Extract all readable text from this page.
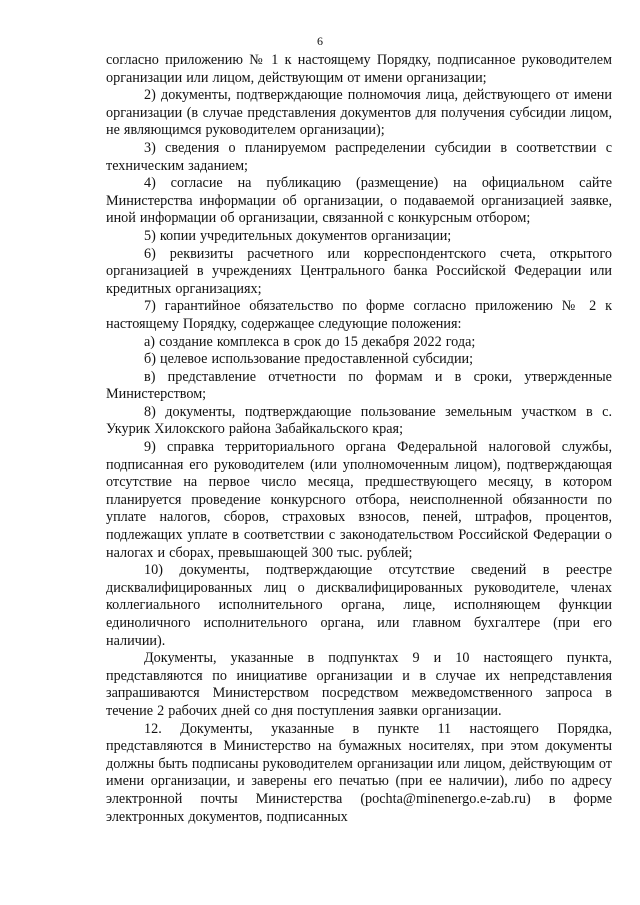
6

согласно приложению № 1 к настоящему Порядку, подписанное руководителем организации или лицом, действующим от имени организации;

2) документы, подтверждающие полномочия лица, действующего от имени организации (в случае представления документов для получения субсидии лицом, не являющимся руководителем организации);

3) сведения о планируемом распределении субсидии в соответствии с техническим заданием;

4) согласие на публикацию (размещение) на официальном сайте Министерства информации об организации, о подаваемой организацией заявке, иной информации об организации, связанной с конкурсным отбором;

5) копии учредительных документов организации;

6) реквизиты расчетного или корреспондентского счета, открытого организацией в учреждениях Центрального банка Российской Федерации или кредитных организациях;

7) гарантийное обязательство по форме согласно приложению № 2 к настоящему Порядку, содержащее следующие положения:

а) создание комплекса в срок до 15 декабря 2022 года;

б) целевое использование предоставленной субсидии;

в) представление отчетности по формам и в сроки, утвержденные Министерством;

8) документы, подтверждающие пользование земельным участком в с. Укурик Хилокского района Забайкальского края;

9) справка территориального органа Федеральной налоговой службы, подписанная его руководителем (или уполномоченным лицом), подтверждающая отсутствие на первое число месяца, предшествующего месяцу, в котором планируется проведение конкурсного отбора, неисполненной обязанности по уплате налогов, сборов, страховых взносов, пеней, штрафов, процентов, подлежащих уплате в соответствии с законодательством Российской Федерации о налогах и сборах, превышающей 300 тыс. рублей;

10) документы, подтверждающие отсутствие сведений в реестре дисквалифицированных лиц о дисквалифицированных руководителе, членах коллегиального исполнительного органа, лице, исполняющем функции единоличного исполнительного органа, или главном бухгалтере (при его наличии).

Документы, указанные в подпунктах 9 и 10 настоящего пункта, представляются по инициативе организации и в случае их непредставления запрашиваются Министерством посредством межведомственного запроса в течение 2 рабочих дней со дня поступления заявки организации.

12. Документы, указанные в пункте 11 настоящего Порядка, представляются в Министерство на бумажных носителях, при этом документы должны быть подписаны руководителем организации или лицом, действующим от имени организации, и заверены его печатью (при ее наличии), либо по адресу электронной почты Министерства (pochta@minenergo.e-zab.ru) в форме электронных документов, подписанных
